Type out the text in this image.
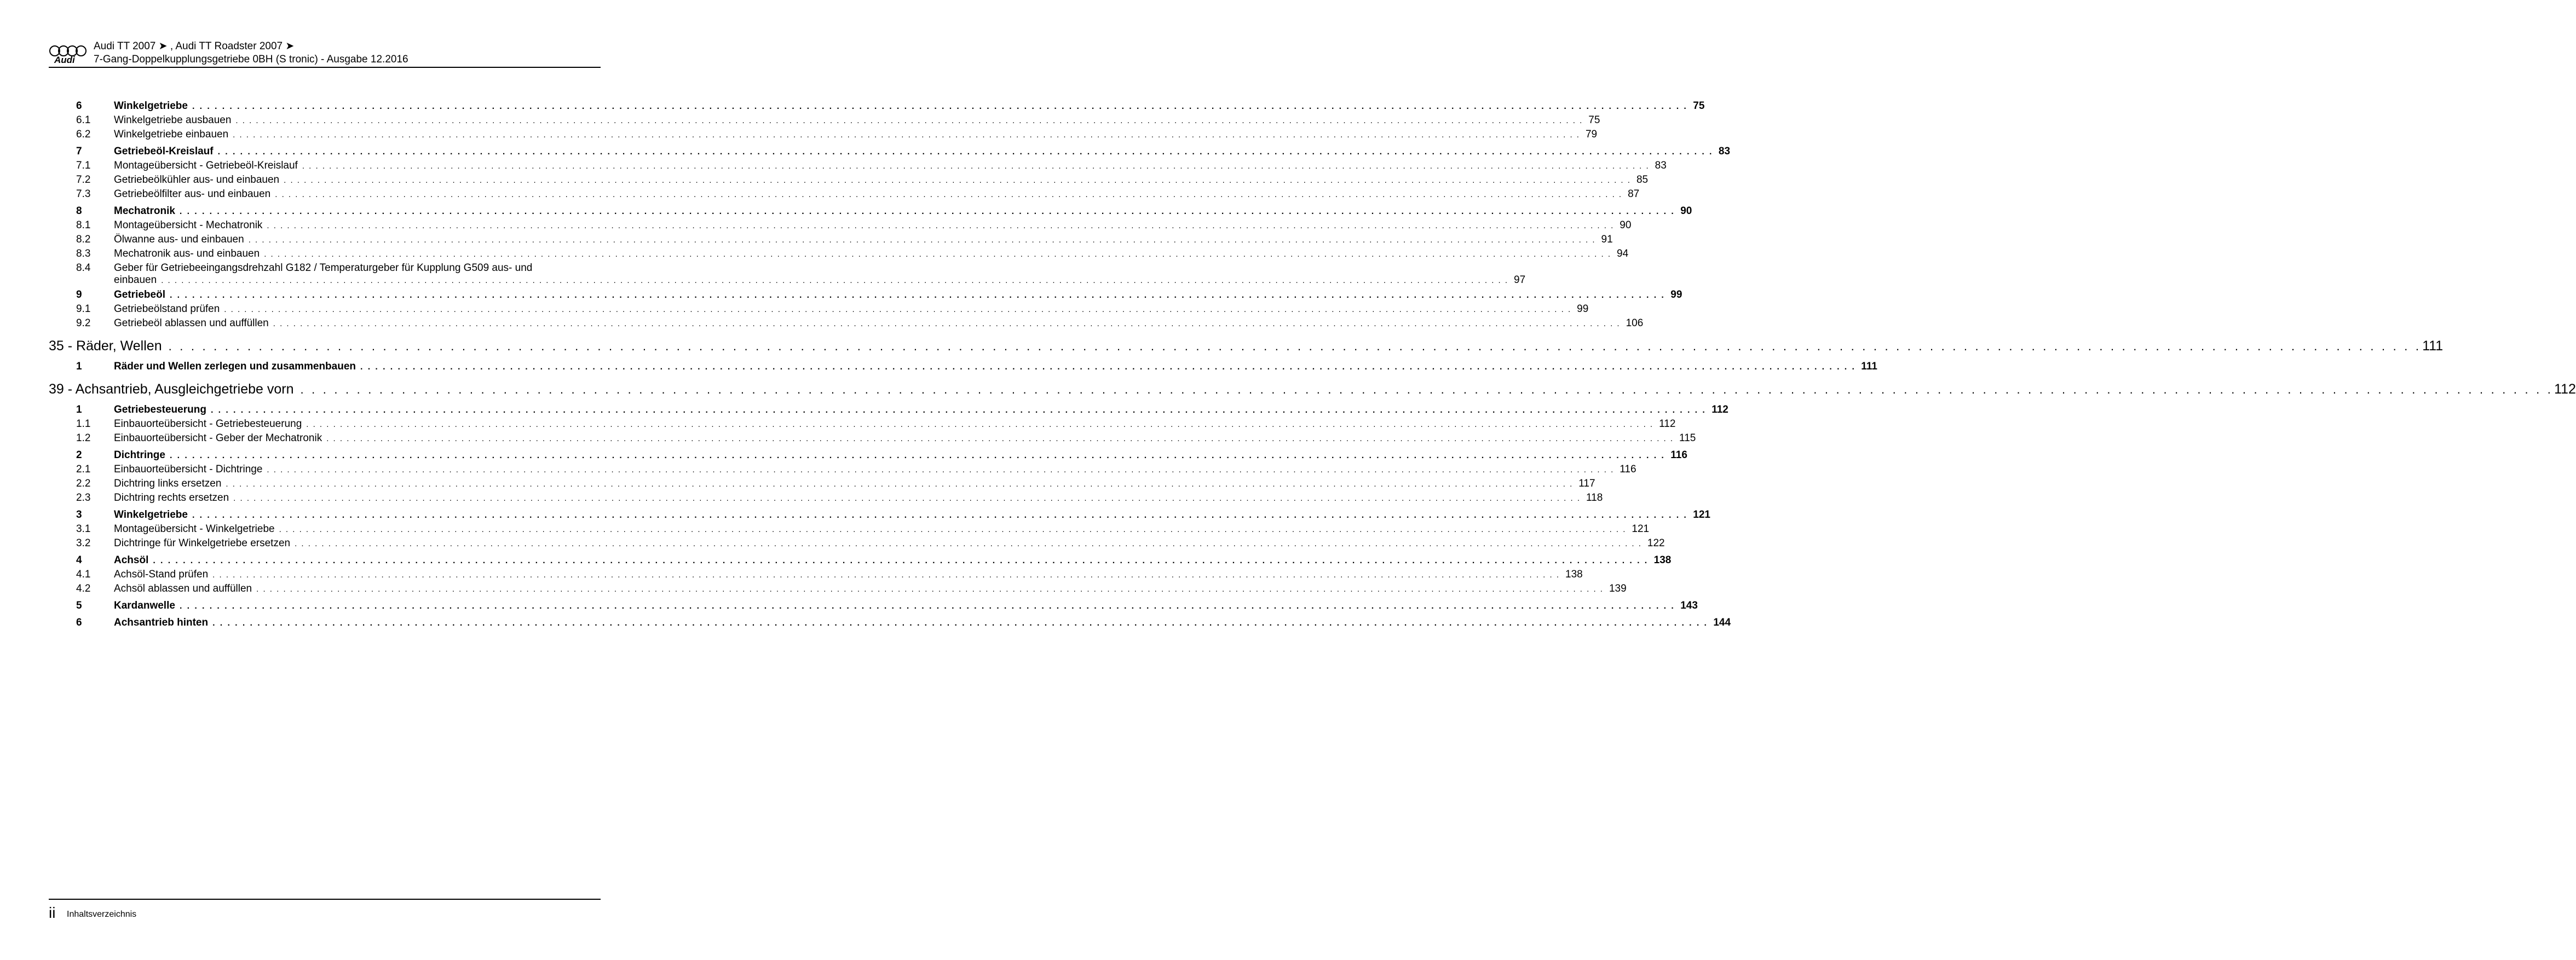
Audi
Audi TT 2007 ➤ , Audi TT Roadster 2007 ➤
7-Gang-Doppelkupplungsgetriebe 0BH (S tronic) - Ausgabe 12.2016
6	Winkelgetriebe . . . . . . . . . . . . . . . . . . . . . . . . . . . . . . . . . . . . . . . . . . . . . . . . . . . . . . . . . . . . . . . . . . . . . . . . . . . . . . . . . . . . . . . . . . . . . . . . . . . . . . . . . . . . . . . . . . . . . . . . . . . . . . . . . . . . . . . . . . . . . . . . . . . . . . . . . . . . . . . . . . . . . . . . . . . . . . . . . . . . . . . . . . . . . . . . . . . . . . . . 75
6.1	Winkelgetriebe ausbauen . . . . . . . . . . . . . . . . . . . . . . . . . . . . . . . . . . . . . . . . . . . . . . . . . . . . . . . . . . . . . . . . . . . . . . . . . . . . . . . . . . . . . . . . . . . . . . . . . . . . . . . . . . . . . . . . . . . . . . . . . . . . . . . . . . . . . . . . . . . . . . . . . . . . . . . . . . . . . . . . . . . . . . . . . . . . . . . . . . . . . . . . . . . . . . . . . . . . . . . . 75
6.2	Winkelgetriebe einbauen . . . . . . . . . . . . . . . . . . . . . . . . . . . . . . . . . . . . . . . . . . . . . . . . . . . . . . . . . . . . . . . . . . . . . . . . . . . . . . . . . . . . . . . . . . . . . . . . . . . . . . . . . . . . . . . . . . . . . . . . . . . . . . . . . . . . . . . . . . . . . . . . . . . . . . . . . . . . . . . . . . . . . . . . . . . . . . . . . . . . . . . . . . . . . . . . . . . . . . . . 79
7	Getriebeöl-Kreislauf . . . . . . . . . . . . . . . . . . . . . . . . . . . . . . . . . . . . . . . . . . . . . . . . . . . . . . . . . . . . . . . . . . . . . . . . . . . . . . . . . . . . . . . . . . . . . . . . . . . . . . . . . . . . . . . . . . . . . . . . . . . . . . . . . . . . . . . . . . . . . . . . . . . . . . . . . . . . . . . . . . . . . . . . . . . . . . . . . . . . . . . . . . . . . . . . . . . . . . . . 83
7.1	Montageübersicht - Getriebeöl-Kreislauf . . . . . . . . . . . . . . . . . . . . . . . . . . . . . . . . . . . . . . . . . . . . . . . . . . . . . . . . . . . . . . . . . . . . . . . . . . . . . . . . . . . . . . . . . . . . . . . . . . . . . . . . . . . . . . . . . . . . . . . . . . . . . . . . . . . . . . . . . . . . . . . . . . . . . . . . . . . . . . . . . . . . . . . . . . . . . . . . . . . . . . . . . . . . . . . . . . . . . . . . 83
7.2	Getriebeölkühler aus- und einbauen . . . . . . . . . . . . . . . . . . . . . . . . . . . . . . . . . . . . . . . . . . . . . . . . . . . . . . . . . . . . . . . . . . . . . . . . . . . . . . . . . . . . . . . . . . . . . . . . . . . . . . . . . . . . . . . . . . . . . . . . . . . . . . . . . . . . . . . . . . . . . . . . . . . . . . . . . . . . . . . . . . . . . . . . . . . . . . . . . . . . . . . . . . . . . . . . . . . . . . . . 85
7.3	Getriebeölfilter aus- und einbauen . . . . . . . . . . . . . . . . . . . . . . . . . . . . . . . . . . . . . . . . . . . . . . . . . . . . . . . . . . . . . . . . . . . . . . . . . . . . . . . . . . . . . . . . . . . . . . . . . . . . . . . . . . . . . . . . . . . . . . . . . . . . . . . . . . . . . . . . . . . . . . . . . . . . . . . . . . . . . . . . . . . . . . . . . . . . . . . . . . . . . . . . . . . . . . . . . . . . . . . . 87
8	Mechatronik . . . . . . . . . . . . . . . . . . . . . . . . . . . . . . . . . . . . . . . . . . . . . . . . . . . . . . . . . . . . . . . . . . . . . . . . . . . . . . . . . . . . . . . . . . . . . . . . . . . . . . . . . . . . . . . . . . . . . . . . . . . . . . . . . . . . . . . . . . . . . . . . . . . . . . . . . . . . . . . . . . . . . . . . . . . . . . . . . . . . . . . . . . . . . . . . . . . . . . . . 90
8.1	Montageübersicht - Mechatronik . . . . . . . . . . . . . . . . . . . . . . . . . . . . . . . . . . . . . . . . . . . . . . . . . . . . . . . . . . . . . . . . . . . . . . . . . . . . . . . . . . . . . . . . . . . . . . . . . . . . . . . . . . . . . . . . . . . . . . . . . . . . . . . . . . . . . . . . . . . . . . . . . . . . . . . . . . . . . . . . . . . . . . . . . . . . . . . . . . . . . . . . . . . . . . . . . . . . . . . . 90
8.2	Ölwanne aus- und einbauen . . . . . . . . . . . . . . . . . . . . . . . . . . . . . . . . . . . . . . . . . . . . . . . . . . . . . . . . . . . . . . . . . . . . . . . . . . . . . . . . . . . . . . . . . . . . . . . . . . . . . . . . . . . . . . . . . . . . . . . . . . . . . . . . . . . . . . . . . . . . . . . . . . . . . . . . . . . . . . . . . . . . . . . . . . . . . . . . . . . . . . . . . . . . . . . . . . . . . . . . 91
8.3	Mechatronik aus- und einbauen . . . . . . . . . . . . . . . . . . . . . . . . . . . . . . . . . . . . . . . . . . . . . . . . . . . . . . . . . . . . . . . . . . . . . . . . . . . . . . . . . . . . . . . . . . . . . . . . . . . . . . . . . . . . . . . . . . . . . . . . . . . . . . . . . . . . . . . . . . . . . . . . . . . . . . . . . . . . . . . . . . . . . . . . . . . . . . . . . . . . . . . . . . . . . . . . . . . . . . . . 94
8.4	Geber für Getriebeeingangsdrehzahl G182 / Temperaturgeber für Kupplung G509 aus- und
einbauen . . . . . . . . . . . . . . . . . . . . . . . . . . . . . . . . . . . . . . . . . . . . . . . . . . . . . . . . . . . . . . . . . . . . . . . . . . . . . . . . . . . . . . . . . . . . . . . . . . . . . . . . . . . . . . . . . . . . . . . . . . . . . . . . . . . . . . . . . . . . . . . . . . . . . . . . . . . . . . . . . . . . . . . . . . . . . . . . . . . . . . . . . . . . . . . . . . . . . . . . 97
9	Getriebeöl . . . . . . . . . . . . . . . . . . . . . . . . . . . . . . . . . . . . . . . . . . . . . . . . . . . . . . . . . . . . . . . . . . . . . . . . . . . . . . . . . . . . . . . . . . . . . . . . . . . . . . . . . . . . . . . . . . . . . . . . . . . . . . . . . . . . . . . . . . . . . . . . . . . . . . . . . . . . . . . . . . . . . . . . . . . . . . . . . . . . . . . . . . . . . . . . . . . . . . . . 99
9.1	Getriebeölstand prüfen . . . . . . . . . . . . . . . . . . . . . . . . . . . . . . . . . . . . . . . . . . . . . . . . . . . . . . . . . . . . . . . . . . . . . . . . . . . . . . . . . . . . . . . . . . . . . . . . . . . . . . . . . . . . . . . . . . . . . . . . . . . . . . . . . . . . . . . . . . . . . . . . . . . . . . . . . . . . . . . . . . . . . . . . . . . . . . . . . . . . . . . . . . . . . . . . . . . . . . . . 99
9.2	Getriebeöl ablassen und auffüllen . . . . . . . . . . . . . . . . . . . . . . . . . . . . . . . . . . . . . . . . . . . . . . . . . . . . . . . . . . . . . . . . . . . . . . . . . . . . . . . . . . . . . . . . . . . . . . . . . . . . . . . . . . . . . . . . . . . . . . . . . . . . . . . . . . . . . . . . . . . . . . . . . . . . . . . . . . . . . . . . . . . . . . . . . . . . . . . . . . . . . . . . . . . . . . . . . . . . . . . . 106
35 - Räder, Wellen . . . . . . . . . . . . . . . . . . . . . . . . . . . . . . . . . . . . . . . . . . . . . . . . . . . . . . . . . . . . . . . . . . . . . . . . . . . . . . . . . . . . . . . . . . . . . . . . . . . . . . . . . . . . . . . . . . . . . . . . . . . . . . . . . . . . . . . . . . . . . . . . . . . . . . . . . . . . . . . . . . . . . . . . . . . . . . . . . . . . . . . . . . . . . . . . . . . . . . . . 111
1	Räder und Wellen zerlegen und zusammenbauen . . . . . . . . . . . . . . . . . . . . . . . . . . . . . . . . . . . . . . . . . . . . . . . . . . . . . . . . . . . . . . . . . . . . . . . . . . . . . . . . . . . . . . . . . . . . . . . . . . . . . . . . . . . . . . . . . . . . . . . . . . . . . . . . . . . . . . . . . . . . . . . . . . . . . . . . . . . . . . . . . . . . . . . . . . . . . . . . . . . . . . . . . . . . . . . . . . . . . . . . 111
39 - Achsantrieb, Ausgleichgetriebe vorn . . . . . . . . . . . . . . . . . . . . . . . . . . . . . . . . . . . . . . . . . . . . . . . . . . . . . . . . . . . . . . . . . . . . . . . . . . . . . . . . . . . . . . . . . . . . . . . . . . . . . . . . . . . . . . . . . . . . . . . . . . . . . . . . . . . . . . . . . . . . . . . . . . . . . . . . . . . . . . . . . . . . . . . . . . . . . . . . . . . . . . . . . . . . . . . . . . . . . . . . 112
1	Getriebesteuerung . . . . . . . . . . . . . . . . . . . . . . . . . . . . . . . . . . . . . . . . . . . . . . . . . . . . . . . . . . . . . . . . . . . . . . . . . . . . . . . . . . . . . . . . . . . . . . . . . . . . . . . . . . . . . . . . . . . . . . . . . . . . . . . . . . . . . . . . . . . . . . . . . . . . . . . . . . . . . . . . . . . . . . . . . . . . . . . . . . . . . . . . . . . . . . . . . . . . . . . . 112
1.1	Einbauorteübersicht - Getriebesteuerung . . . . . . . . . . . . . . . . . . . . . . . . . . . . . . . . . . . . . . . . . . . . . . . . . . . . . . . . . . . . . . . . . . . . . . . . . . . . . . . . . . . . . . . . . . . . . . . . . . . . . . . . . . . . . . . . . . . . . . . . . . . . . . . . . . . . . . . . . . . . . . . . . . . . . . . . . . . . . . . . . . . . . . . . . . . . . . . . . . . . . . . . . . . . . . . . . . . . . . . . 112
1.2	Einbauorteübersicht - Geber der Mechatronik . . . . . . . . . . . . . . . . . . . . . . . . . . . . . . . . . . . . . . . . . . . . . . . . . . . . . . . . . . . . . . . . . . . . . . . . . . . . . . . . . . . . . . . . . . . . . . . . . . . . . . . . . . . . . . . . . . . . . . . . . . . . . . . . . . . . . . . . . . . . . . . . . . . . . . . . . . . . . . . . . . . . . . . . . . . . . . . . . . . . . . . . . . . . . . . . . . . . . . . . 115
2	Dichtringe . . . . . . . . . . . . . . . . . . . . . . . . . . . . . . . . . . . . . . . . . . . . . . . . . . . . . . . . . . . . . . . . . . . . . . . . . . . . . . . . . . . . . . . . . . . . . . . . . . . . . . . . . . . . . . . . . . . . . . . . . . . . . . . . . . . . . . . . . . . . . . . . . . . . . . . . . . . . . . . . . . . . . . . . . . . . . . . . . . . . . . . . . . . . . . . . . . . . . . . . 116
2.1	Einbauorteübersicht - Dichtringe . . . . . . . . . . . . . . . . . . . . . . . . . . . . . . . . . . . . . . . . . . . . . . . . . . . . . . . . . . . . . . . . . . . . . . . . . . . . . . . . . . . . . . . . . . . . . . . . . . . . . . . . . . . . . . . . . . . . . . . . . . . . . . . . . . . . . . . . . . . . . . . . . . . . . . . . . . . . . . . . . . . . . . . . . . . . . . . . . . . . . . . . . . . . . . . . . . . . . . . . 116
2.2	Dichtring links ersetzen . . . . . . . . . . . . . . . . . . . . . . . . . . . . . . . . . . . . . . . . . . . . . . . . . . . . . . . . . . . . . . . . . . . . . . . . . . . . . . . . . . . . . . . . . . . . . . . . . . . . . . . . . . . . . . . . . . . . . . . . . . . . . . . . . . . . . . . . . . . . . . . . . . . . . . . . . . . . . . . . . . . . . . . . . . . . . . . . . . . . . . . . . . . . . . . . . . . . . . . . 117
2.3	Dichtring rechts ersetzen . . . . . . . . . . . . . . . . . . . . . . . . . . . . . . . . . . . . . . . . . . . . . . . . . . . . . . . . . . . . . . . . . . . . . . . . . . . . . . . . . . . . . . . . . . . . . . . . . . . . . . . . . . . . . . . . . . . . . . . . . . . . . . . . . . . . . . . . . . . . . . . . . . . . . . . . . . . . . . . . . . . . . . . . . . . . . . . . . . . . . . . . . . . . . . . . . . . . . . . . 118
3	Winkelgetriebe . . . . . . . . . . . . . . . . . . . . . . . . . . . . . . . . . . . . . . . . . . . . . . . . . . . . . . . . . . . . . . . . . . . . . . . . . . . . . . . . . . . . . . . . . . . . . . . . . . . . . . . . . . . . . . . . . . . . . . . . . . . . . . . . . . . . . . . . . . . . . . . . . . . . . . . . . . . . . . . . . . . . . . . . . . . . . . . . . . . . . . . . . . . . . . . . . . . . . . . . 121
3.1	Montageübersicht - Winkelgetriebe . . . . . . . . . . . . . . . . . . . . . . . . . . . . . . . . . . . . . . . . . . . . . . . . . . . . . . . . . . . . . . . . . . . . . . . . . . . . . . . . . . . . . . . . . . . . . . . . . . . . . . . . . . . . . . . . . . . . . . . . . . . . . . . . . . . . . . . . . . . . . . . . . . . . . . . . . . . . . . . . . . . . . . . . . . . . . . . . . . . . . . . . . . . . . . . . . . . . . . . . 121
3.2	Dichtringe für Winkelgetriebe ersetzen . . . . . . . . . . . . . . . . . . . . . . . . . . . . . . . . . . . . . . . . . . . . . . . . . . . . . . . . . . . . . . . . . . . . . . . . . . . . . . . . . . . . . . . . . . . . . . . . . . . . . . . . . . . . . . . . . . . . . . . . . . . . . . . . . . . . . . . . . . . . . . . . . . . . . . . . . . . . . . . . . . . . . . . . . . . . . . . . . . . . . . . . . . . . . . . . . . . . . . . . 122
4	Achsöl . . . . . . . . . . . . . . . . . . . . . . . . . . . . . . . . . . . . . . . . . . . . . . . . . . . . . . . . . . . . . . . . . . . . . . . . . . . . . . . . . . . . . . . . . . . . . . . . . . . . . . . . . . . . . . . . . . . . . . . . . . . . . . . . . . . . . . . . . . . . . . . . . . . . . . . . . . . . . . . . . . . . . . . . . . . . . . . . . . . . . . . . . . . . . . . . . . . . . . . . 138
4.1	Achsöl-Stand prüfen . . . . . . . . . . . . . . . . . . . . . . . . . . . . . . . . . . . . . . . . . . . . . . . . . . . . . . . . . . . . . . . . . . . . . . . . . . . . . . . . . . . . . . . . . . . . . . . . . . . . . . . . . . . . . . . . . . . . . . . . . . . . . . . . . . . . . . . . . . . . . . . . . . . . . . . . . . . . . . . . . . . . . . . . . . . . . . . . . . . . . . . . . . . . . . . . . . . . . . . . 138
4.2	Achsöl ablassen und auffüllen . . . . . . . . . . . . . . . . . . . . . . . . . . . . . . . . . . . . . . . . . . . . . . . . . . . . . . . . . . . . . . . . . . . . . . . . . . . . . . . . . . . . . . . . . . . . . . . . . . . . . . . . . . . . . . . . . . . . . . . . . . . . . . . . . . . . . . . . . . . . . . . . . . . . . . . . . . . . . . . . . . . . . . . . . . . . . . . . . . . . . . . . . . . . . . . . . . . . . . . . 139
5	Kardanwelle . . . . . . . . . . . . . . . . . . . . . . . . . . . . . . . . . . . . . . . . . . . . . . . . . . . . . . . . . . . . . . . . . . . . . . . . . . . . . . . . . . . . . . . . . . . . . . . . . . . . . . . . . . . . . . . . . . . . . . . . . . . . . . . . . . . . . . . . . . . . . . . . . . . . . . . . . . . . . . . . . . . . . . . . . . . . . . . . . . . . . . . . . . . . . . . . . . . . . . . . 143
6	Achsantrieb hinten . . . . . . . . . . . . . . . . . . . . . . . . . . . . . . . . . . . . . . . . . . . . . . . . . . . . . . . . . . . . . . . . . . . . . . . . . . . . . . . . . . . . . . . . . . . . . . . . . . . . . . . . . . . . . . . . . . . . . . . . . . . . . . . . . . . . . . . . . . . . . . . . . . . . . . . . . . . . . . . . . . . . . . . . . . . . . . . . . . . . . . . . . . . . . . . . . . . . . . . . 144
ii Inhaltsverzeichnis
